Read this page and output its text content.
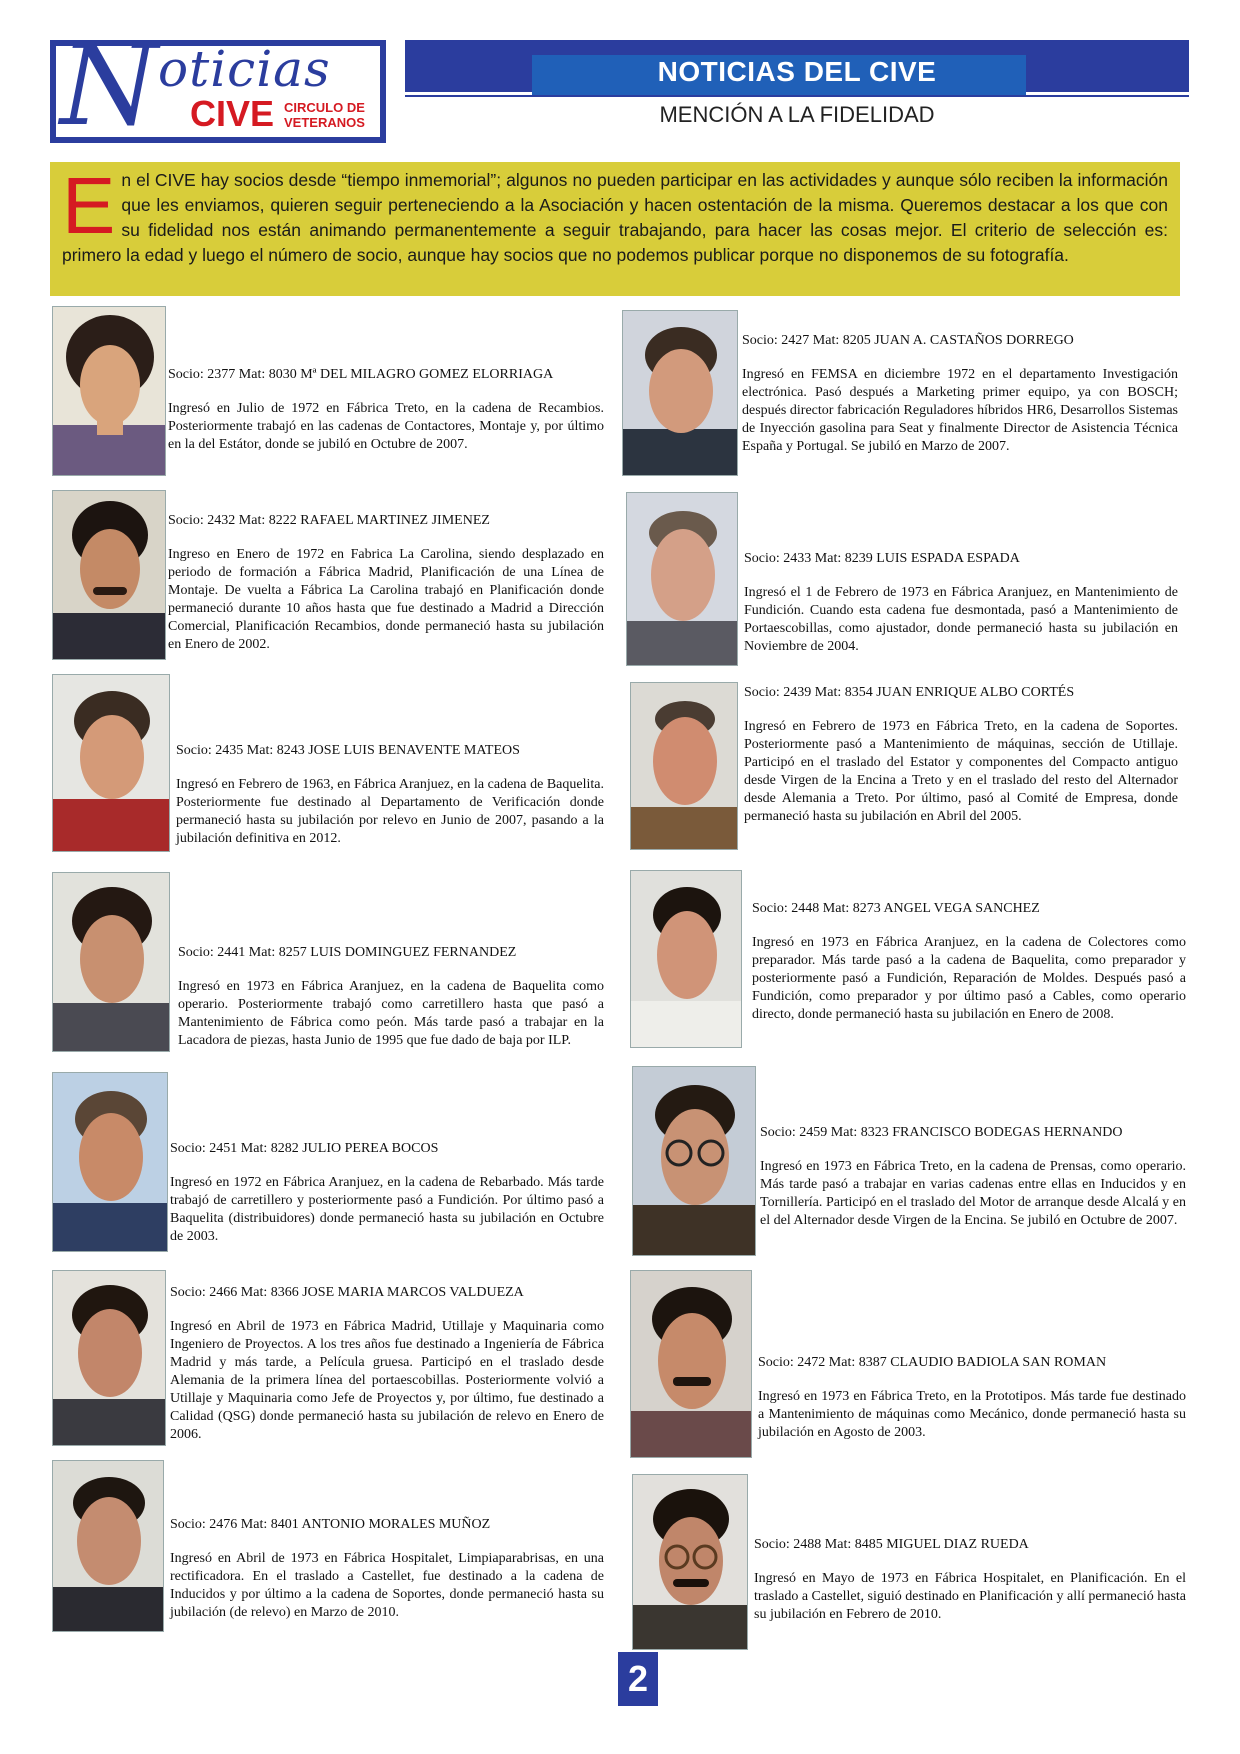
N oticias
CIVE CIRCULO DE
VETERANOS
NOTICIAS DEL CIVE
MENCIÓN A LA FIDELIDAD
En el CIVE hay socios desde “tiempo inmemorial”; algunos no pueden participar en las actividades y aunque sólo reciben la información que les enviamos, quieren seguir perteneciendo a la Asociación y hacen ostentación de la misma. Queremos destacar a los que con su fidelidad nos están animando permanentemente a seguir trabajando, para hacer las cosas mejor. El criterio de selección es: primero la edad y luego el número de socio, aunque hay socios que no podemos publicar porque no disponemos de su fotografía.

Socio: 2377 Mat: 8030 Mª DEL MILAGRO GOMEZ ELORRIAGA

Ingresó en Julio de 1972 en Fábrica Treto, en la cadena de Recambios. Posteriormente trabajó en las cadenas de Contactores, Montaje y, por último en la del Estátor, donde se jubiló en Octubre de 2007.

Socio: 2432 Mat: 8222 RAFAEL MARTINEZ JIMENEZ

Ingreso en Enero de 1972 en Fabrica La Carolina, siendo desplazado en periodo de formación a Fábrica Madrid, Planificación de una Línea de Montaje. De vuelta a Fábrica La Carolina trabajó en Planificación donde permaneció durante 10 años hasta que fue destinado a Madrid a Dirección Comercial, Planificación Recambios, donde permaneció hasta su jubilación en Enero de 2002.

Socio: 2435 Mat: 8243 JOSE LUIS BENAVENTE MATEOS

Ingresó en Febrero de 1963, en Fábrica Aranjuez, en la cadena de Baquelita. Posteriormente fue destinado al Departamento de Verificación donde permaneció hasta su jubilación por relevo en Junio de 2007, pasando a la jubilación definitiva en 2012.

Socio: 2441 Mat: 8257 LUIS DOMINGUEZ FERNANDEZ

Ingresó en 1973 en Fábrica Aranjuez, en la cadena de Baquelita como operario. Posteriormente trabajó como carretillero hasta que pasó a Mantenimiento de Fábrica como peón. Más tarde pasó a trabajar en la Lacadora de piezas, hasta Junio de 1995 que fue dado de baja por ILP.

Socio: 2451 Mat: 8282 JULIO PEREA BOCOS

Ingresó en 1972 en Fábrica Aranjuez, en la cadena de Rebarbado. Más tarde trabajó de carretillero y posteriormente pasó a Fundición. Por último pasó a Baquelita (distribuidores) donde permaneció hasta su jubilación en Octubre de 2003.

Socio: 2466 Mat: 8366 JOSE MARIA MARCOS VALDUEZA

Ingresó en Abril de 1973 en Fábrica Madrid, Utillaje y Maquinaria como Ingeniero de Proyectos. A los tres años fue destinado a Ingeniería de Fábrica Madrid y más tarde, a Película gruesa. Participó en el traslado desde Alemania de la primera línea del portaescobillas. Posteriormente volvió a Utillaje y Maquinaria como Jefe de Proyectos y, por último, fue destinado a Calidad (QSG) donde permaneció hasta su jubilación de relevo en Enero de 2006.

Socio: 2476 Mat: 8401 ANTONIO MORALES MUÑOZ

Ingresó en Abril de 1973 en Fábrica Hospitalet, Limpiaparabrisas, en una rectificadora. En el traslado a Castellet, fue destinado a la cadena de Inducidos y por último a la cadena de Soportes, donde permaneció hasta su jubilación (de relevo) en Marzo de 2010.

Socio: 2427 Mat: 8205 JUAN A. CASTAÑOS DORREGO

Ingresó en FEMSA en diciembre 1972 en el departamento Investigación electrónica. Pasó después a Marketing primer equipo, ya con BOSCH; después director fabricación Reguladores híbridos HR6, Desarrollos Sistemas de Inyección gasolina para Seat y finalmente Director de Asistencia Técnica España y Portugal. Se jubiló en Marzo de 2007.

Socio: 2433 Mat: 8239 LUIS ESPADA ESPADA

Ingresó el 1 de Febrero de 1973 en Fábrica Aranjuez, en Mantenimiento de Fundición. Cuando esta cadena fue desmontada, pasó a Mantenimiento de Portaescobillas, como ajustador, donde permaneció hasta su jubilación en Noviembre de 2004.

Socio: 2439 Mat: 8354 JUAN ENRIQUE ALBO CORTÉS

Ingresó en Febrero de 1973 en Fábrica Treto, en la cadena de Soportes. Posteriormente pasó a Mantenimiento de máquinas, sección de Utillaje. Participó en el traslado del Estator y componentes del Compacto antiguo desde Virgen de la Encina a Treto y en el traslado del resto del Alternador desde Alemania a Treto. Por último, pasó al Comité de Empresa, donde permaneció hasta su jubilación en Abril del 2005.

Socio: 2448 Mat: 8273 ANGEL VEGA SANCHEZ

Ingresó en 1973 en Fábrica Aranjuez, en la cadena de Colectores como preparador. Más tarde pasó a la cadena de Baquelita, como preparador y posteriormente pasó a Fundición, Reparación de Moldes. Después pasó a Fundición, como preparador y por último pasó a Cables, como operario directo, donde permaneció hasta su jubilación en Enero de 2008.

Socio: 2459 Mat: 8323 FRANCISCO BODEGAS HERNANDO

Ingresó en 1973 en Fábrica Treto, en la cadena de Prensas, como operario. Más tarde pasó a trabajar en varias cadenas entre ellas en Inducidos y en Tornillería. Participó en el traslado del Motor de arranque desde Alcalá y en el del Alternador desde Virgen de la Encina. Se jubiló en Octubre de 2007.

Socio: 2472 Mat: 8387 CLAUDIO BADIOLA SAN ROMAN

Ingresó en 1973 en Fábrica Treto, en la Prototipos. Más tarde fue destinado a Mantenimiento de máquinas como Mecánico, donde permaneció hasta su jubilación en Agosto de 2003.

Socio: 2488 Mat: 8485 MIGUEL DIAZ RUEDA

Ingresó en Mayo de 1973 en Fábrica Hospitalet, en Planificación. En el traslado a Castellet, siguió destinado en Planificación y allí permaneció hasta su jubilación en Febrero de 2010.

2
